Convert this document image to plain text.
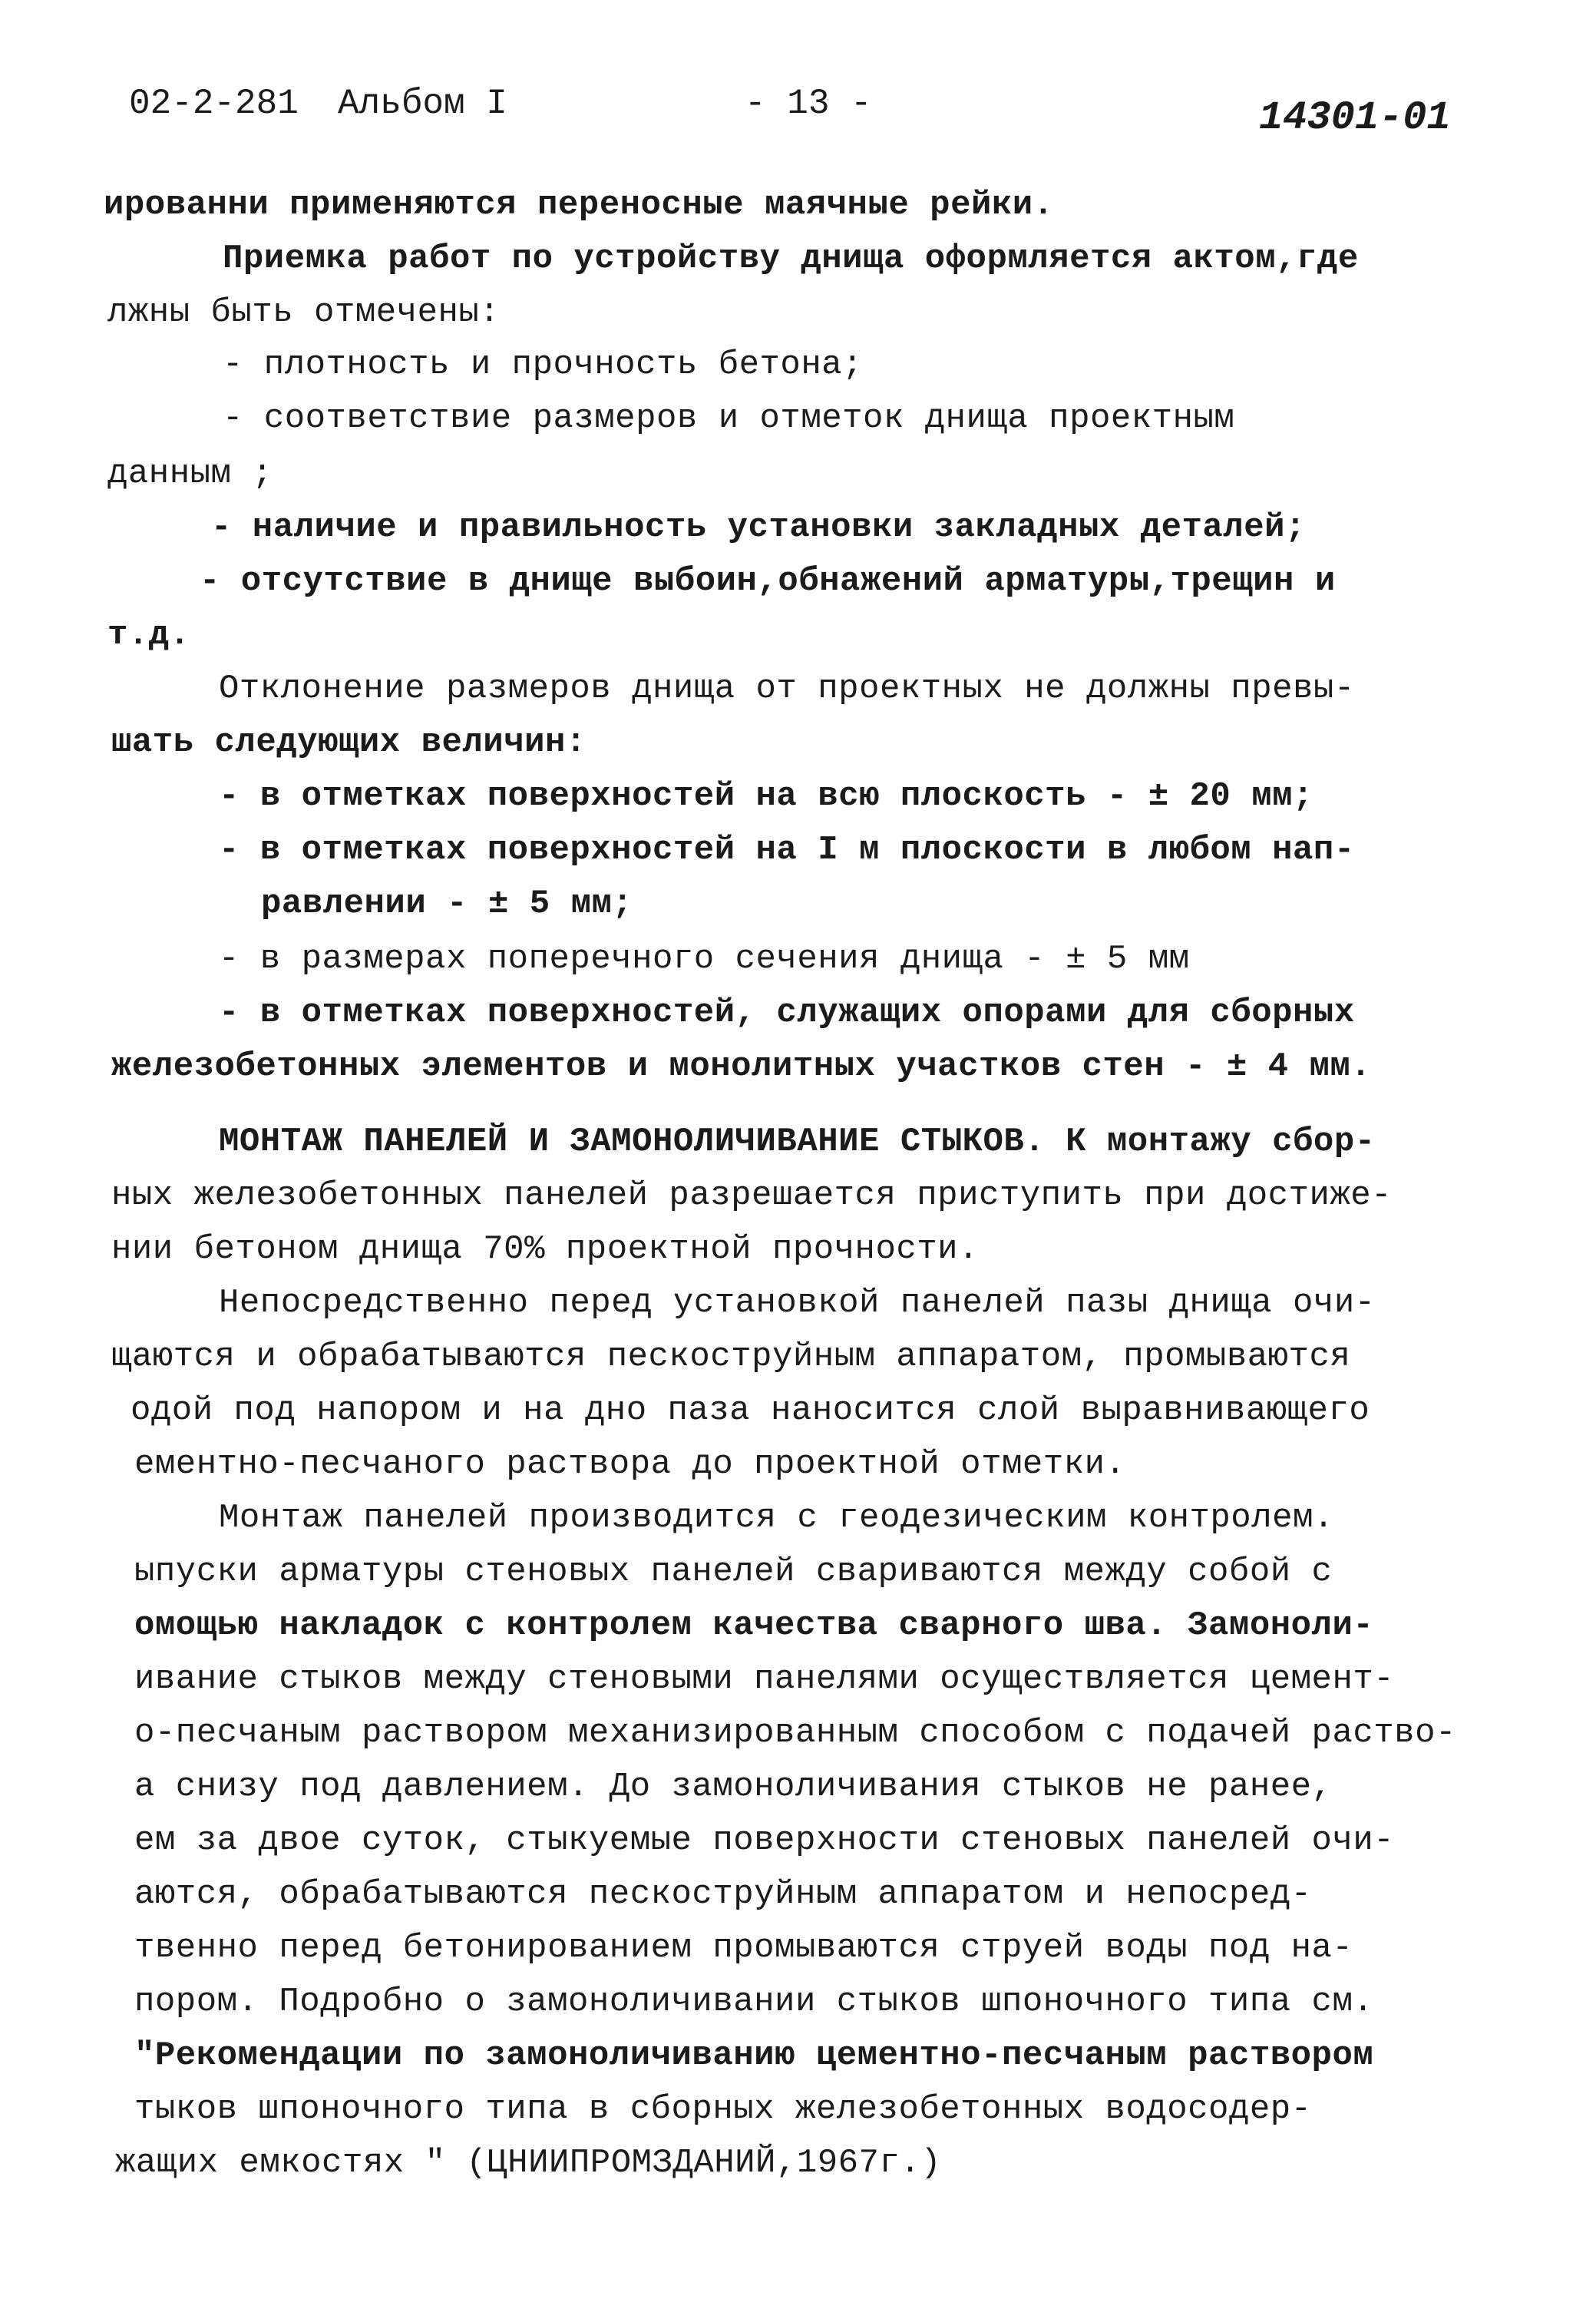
02-2-281 Альбом I	- 13 -	14301-01
ированни применяются переносные маячные рейки.
Приемка работ по устройству днища оформляется актом,где
лжны быть отмечены:
- плотность и прочность бетона;
- соответствие размеров и отметок днища проектным
данным ;
- наличие и правильность установки закладных деталей;
- отсутствие в днище выбоин,обнажений арматуры,трещин и
т.д.
Отклонение размеров днища от проектных не должны превы-
шать следующих величин:
- в отметках поверхностей на всю плоскость - ± 20 мм;
- в отметках поверхностей на I м плоскости в любом нап-
равлении - ± 5 мм;
- в размерах поперечного сечения днища - ± 5 мм
- в отметках поверхностей, служащих опорами для сборных
железобетонных элементов и монолитных участков стен - ± 4 мм.
МОНТАЖ ПАНЕЛЕЙ И ЗАМОНОЛИЧИВАНИЕ СТЫКОВ. К монтажу сбор-
ных железобетонных панелей разрешается приступить при достиже-
нии бетоном днища 70% проектной прочности.
Непосредственно перед установкой панелей пазы днища очи-
щаются и обрабатываются пескоструйным аппаратом, промываются
одой под напором и на дно паза наносится слой выравнивающего
ементно-песчаного раствора до проектной отметки.
Монтаж панелей производится с геодезическим контролем.
ыпуски арматуры стеновых панелей свариваются между собой с
омощью накладок с контролем качества сварного шва. Замоноли-
ивание стыков между стеновыми панелями осуществляется цемент-
о-песчаным раствором механизированным способом с подачей раство-
а снизу под давлением. До замоноличивания стыков не ранее,
ем за двое суток, стыкуемые поверхности стеновых панелей очи-
аются, обрабатываются пескоструйным аппаратом и непосред-
твенно перед бетонированием промываются струей воды под на-
пором. Подробно о замоноличивании стыков шпоночного типа см.
"Рекомендации по замоноличиванию цементно-песчаным раствором
тыков шпоночного типа в сборных железобетонных водосодер-
жащих емкостях " (ЦНИИПРОМЗДАНИЙ,1967г.)
